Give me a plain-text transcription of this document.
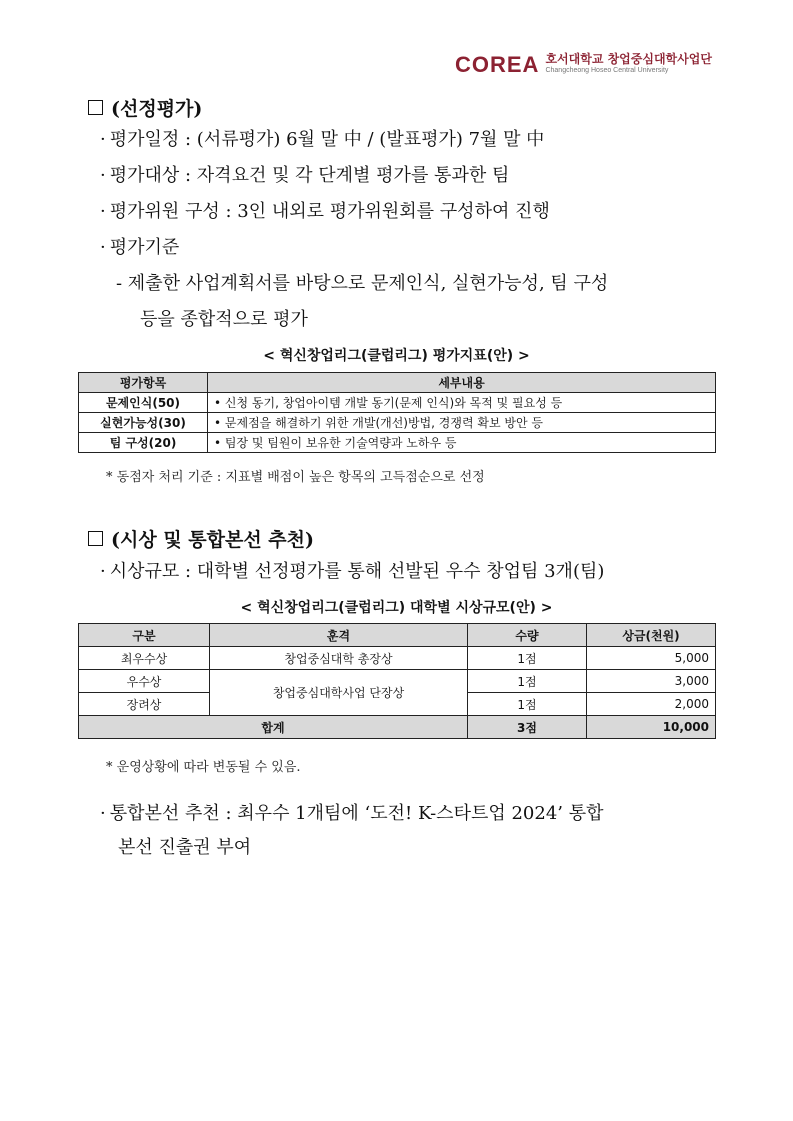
COREA 호서대학교 창업중심대학사업단
Changcheong Hoseo Central University
(선정평가)
· 평가일정 : (서류평가) 6월 말 中 / (발표평가) 7월 말 中
· 평가대상 : 자격요건 및 각 단계별 평가를 통과한 팀
· 평가위원 구성 : 3인 내외로 평가위원회를 구성하여 진행
· 평가기준
- 제출한 사업계획서를 바탕으로 문제인식, 실현가능성, 팀 구성
등을 종합적으로 평가
< 혁신창업리그(클럽리그) 평가지표(안) >
평가항목	세부내용
문제인식(50)	• 신청 동기, 창업아이템 개발 동기(문제 인식)와 목적 및 필요성 등
실현가능성(30)	• 문제점을 해결하기 위한 개발(개선)방법, 경쟁력 확보 방안 등
팀 구성(20)	• 팀장 및 팀원이 보유한 기술역량과 노하우 등
* 동점자 처리 기준 : 지표별 배점이 높은 항목의 고득점순으로 선정
(시상 및 통합본선 추천)
· 시상규모 : 대학별 선정평가를 통해 선발된 우수 창업팀 3개(팀)
< 혁신창업리그(클럽리그) 대학별 시상규모(안) >
구분	훈격	수량	상금(천원)
최우수상	창업중심대학 총장상	1점	5,000
우수상	창업중심대학사업 단장상	1점	3,000
장려상		1점	2,000
합계		3점	10,000
* 운영상황에 따라 변동될 수 있음.
· 통합본선 추천 : 최우수 1개팀에 ‘도전! K-스타트업 2024’ 통합
본선 진출권 부여
